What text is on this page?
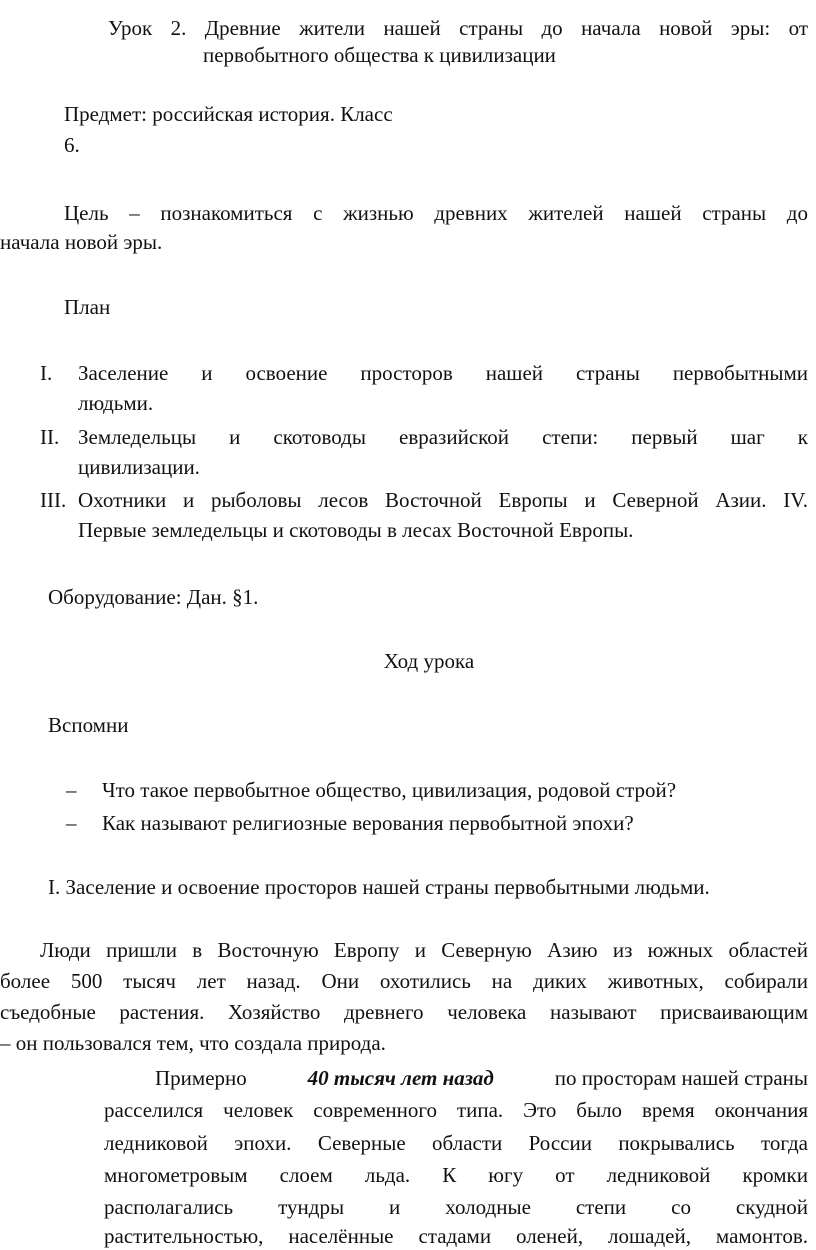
Урок 2. Древние жители нашей страны до начала новой эры: от
первобытного общества к цивилизации
Предмет: российская история. Класс
6.
Цель – познакомиться с жизнью древних жителей нашей страны до
начала новой эры.
План
I. Заселение и освоение просторов нашей страны первобытными
людьми.
II. Земледельцы и скотоводы евразийской степи: первый шаг к
цивилизации.
III. Охотники и рыболовы лесов Восточной Европы и Северной Азии. IV.
Первые земледельцы и скотоводы в лесах Восточной Европы.
Оборудование: Дан. §1.
Ход урока
Вспомни
– Что такое первобытное общество, цивилизация, родовой строй?
– Как называют религиозные верования первобытной эпохи?
I. Заселение и освоение просторов нашей страны первобытными людьми.
Люди пришли в Восточную Европу и Северную Азию из южных областей
более 500 тысяч лет назад. Они охотились на диких животных, собирали
съедобные растения. Хозяйство древнего человека называют присваивающим
– он пользовался тем, что создала природа.
Примерно	40 тысяч лет назад	по просторам нашей страны
расселился человек современного типа. Это было время окончания
ледниковой эпохи. Северные области России покрывались тогда
многометровым слоем льда. К югу от ледниковой кромки
располагались тундры и холодные степи со скудной
растительностью, населённые стадами оленей, лошадей, мамонтов.
